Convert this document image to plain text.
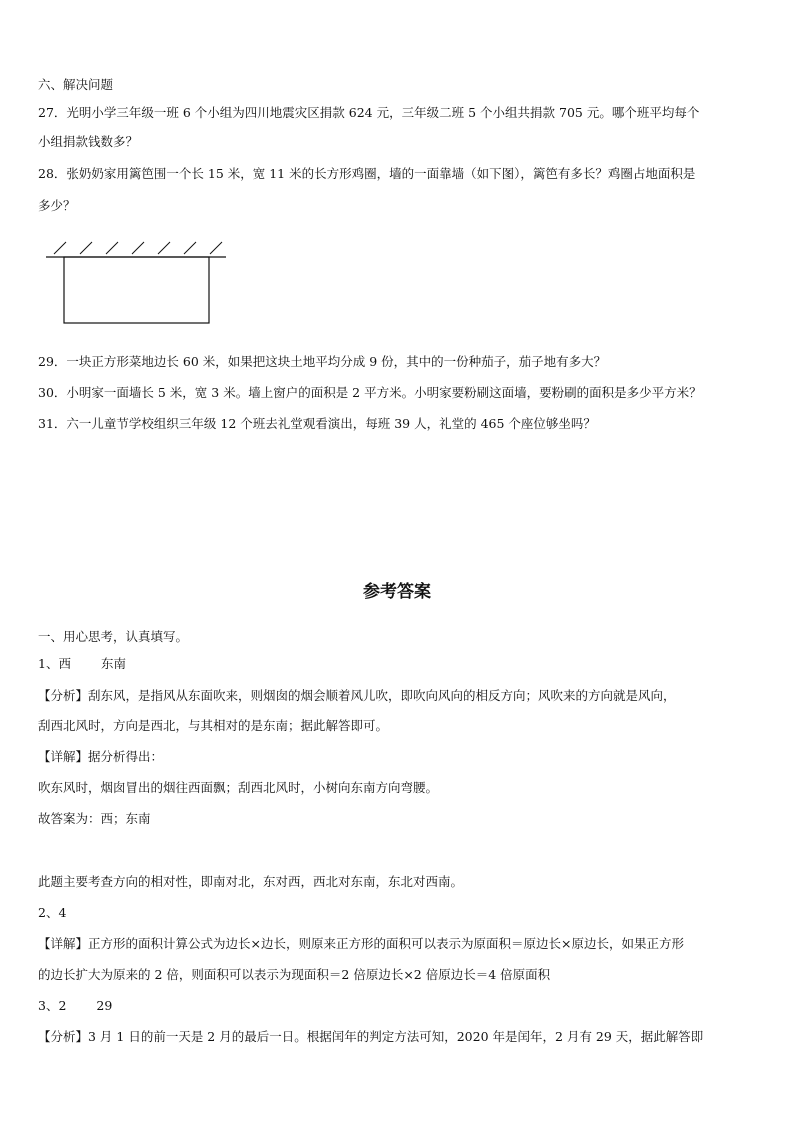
六、解决问题
27．光明小学三年级一班 6 个小组为四川地震灾区捐款 624 元，三年级二班 5 个小组共捐款 705 元。哪个班平均每个
小组捐款钱数多？
28．张奶奶家用篱笆围一个长 15 米，宽 11 米的长方形鸡圈，墙的一面靠墙（如下图），篱笆有多长？鸡圈占地面积是
多少？
29．一块正方形菜地边长 60 米，如果把这块土地平均分成 9 份，其中的一份种茄子，茄子地有多大？
30．小明家一面墙长 5 米，宽 3 米。墙上窗户的面积是 2 平方米。小明家要粉刷这面墙，要粉刷的面积是多少平方米？
31．六一儿童节学校组织三年级 12 个班去礼堂观看演出，每班 39 人，礼堂的 465 个座位够坐吗？
参考答案
一、用心思考，认真填写。
1、西 东南
【分析】刮东风，是指风从东面吹来，则烟囱的烟会顺着风儿吹，即吹向风向的相反方向；风吹来的方向就是风向，
刮西北风时，方向是西北，与其相对的是东南；据此解答即可。
【详解】据分析得出：
吹东风时，烟囱冒出的烟往西面飘；刮西北风时，小树向东南方向弯腰。
故答案为：西；东南
此题主要考查方向的相对性，即南对北，东对西，西北对东南，东北对西南。
2、4
【详解】正方形的面积计算公式为边长×边长，则原来正方形的面积可以表示为原面积＝原边长×原边长，如果正方形
的边长扩大为原来的 2 倍，则面积可以表示为现面积＝2 倍原边长×2 倍原边长＝4 倍原面积
3、2 29
【分析】3 月 1 日的前一天是 2 月的最后一日。根据闰年的判定方法可知，2020 年是闰年，2 月有 29 天，据此解答即
